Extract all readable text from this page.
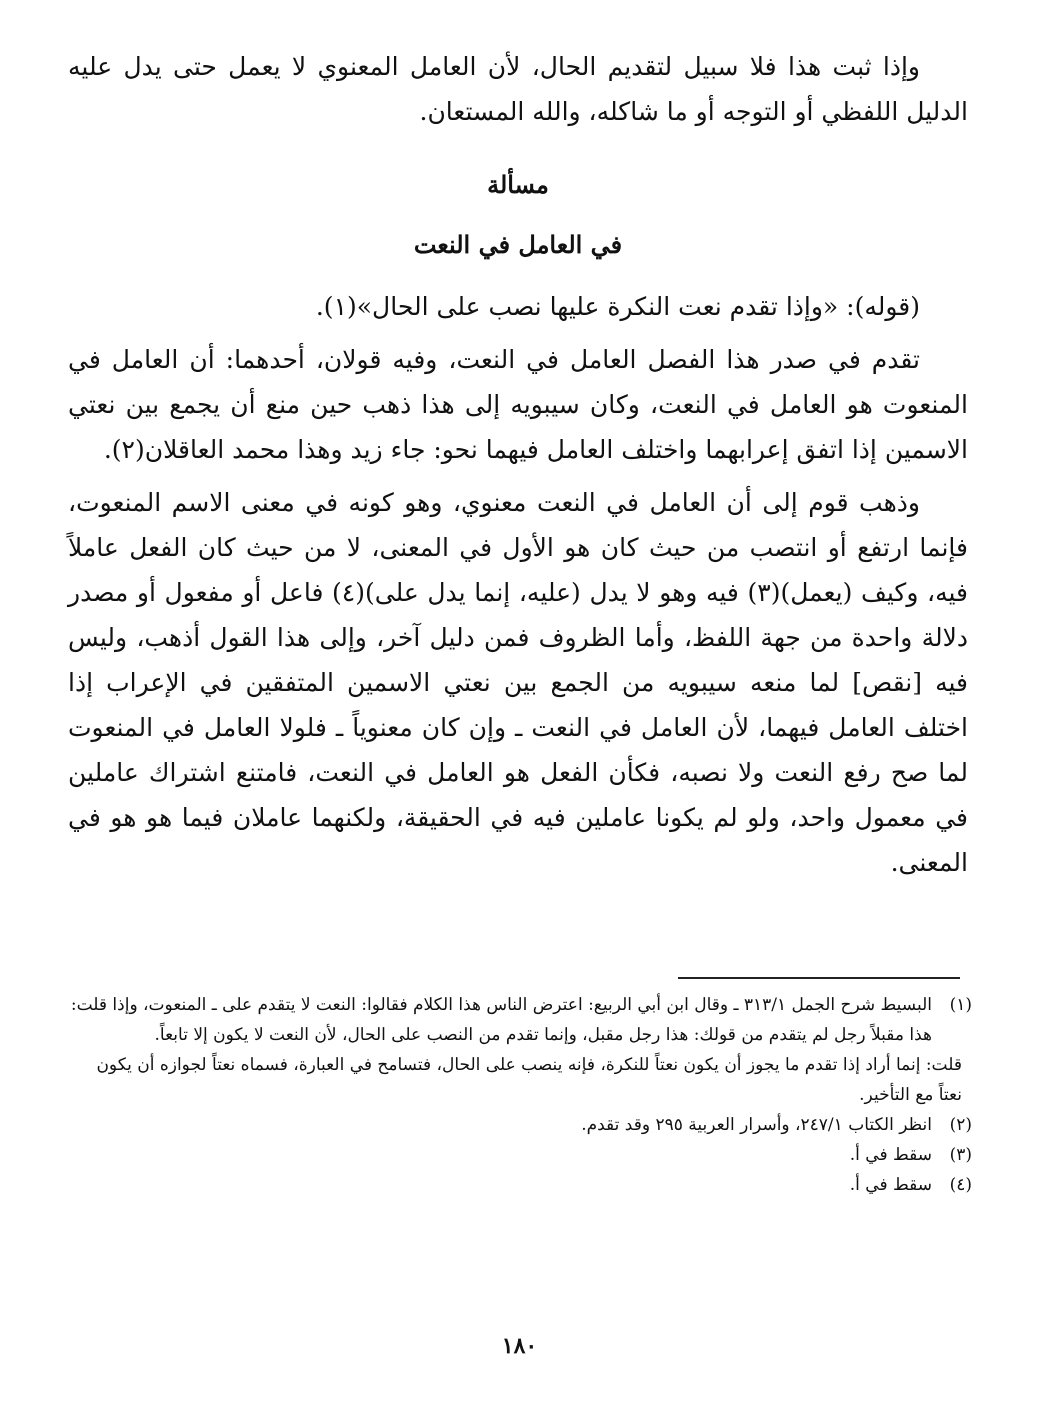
وإذا ثبت هذا فلا سبيل لتقديم الحال، لأن العامل المعنوي لا يعمل حتى يدل عليه الدليل اللفظي أو التوجه أو ما شاكله، والله المستعان.

مسألة

في العامل في النعت

(قوله): «وإذا تقدم نعت النكرة عليها نصب على الحال»(١).

تقدم في صدر هذا الفصل العامل في النعت، وفيه قولان، أحدهما: أن العامل في المنعوت هو العامل في النعت، وكان سيبويه إلى هذا ذهب حين منع أن يجمع بين نعتي الاسمين إذا اتفق إعرابهما واختلف العامل فيهما نحو: جاء زيد وهذا محمد العاقلان(٢).

وذهب قوم إلى أن العامل في النعت معنوي، وهو كونه في معنى الاسم المنعوت، فإنما ارتفع أو انتصب من حيث كان هو الأول في المعنى، لا من حيث كان الفعل عاملاً فيه، وكيف (يعمل)(٣) فيه وهو لا يدل (عليه، إنما يدل على)(٤) فاعل أو مفعول أو مصدر دلالة واحدة من جهة اللفظ، وأما الظروف فمن دليل آخر، وإلى هذا القول أذهب، وليس فيه [نقص] لما منعه سيبويه من الجمع بين نعتي الاسمين المتفقين في الإعراب إذا اختلف العامل فيهما، لأن العامل في النعت ـ وإن كان معنوياً ـ فلولا العامل في المنعوت لما صح رفع النعت ولا نصبه، فكأن الفعل هو العامل في النعت، فامتنع اشتراك عاملين في معمول واحد، ولو لم يكونا عاملين فيه في الحقيقة، ولكنهما عاملان فيما هو هو في المعنى.

(١)
البسيط شرح الجمل ٣١٣/١ ـ وقال ابن أبي الربيع: اعترض الناس هذا الكلام فقالوا: النعت لا يتقدم على ـ المنعوت، وإذا قلت: هذا مقبلاً رجل لم يتقدم من قولك: هذا رجل مقبل، وإنما تقدم من النصب على الحال، لأن النعت لا يكون إلا تابعاً.
قلت: إنما أراد إذا تقدم ما يجوز أن يكون نعتاً للنكرة، فإنه ينصب على الحال، فتسامح في العبارة، فسماه نعتاً لجوازه أن يكون نعتاً مع التأخير.
(٢)
انظر الكتاب ٢٤٧/١، وأسرار العربية ٢٩٥ وقد تقدم.
(٣)
سقط في أ.
(٤)
سقط في أ.
١٨٠
